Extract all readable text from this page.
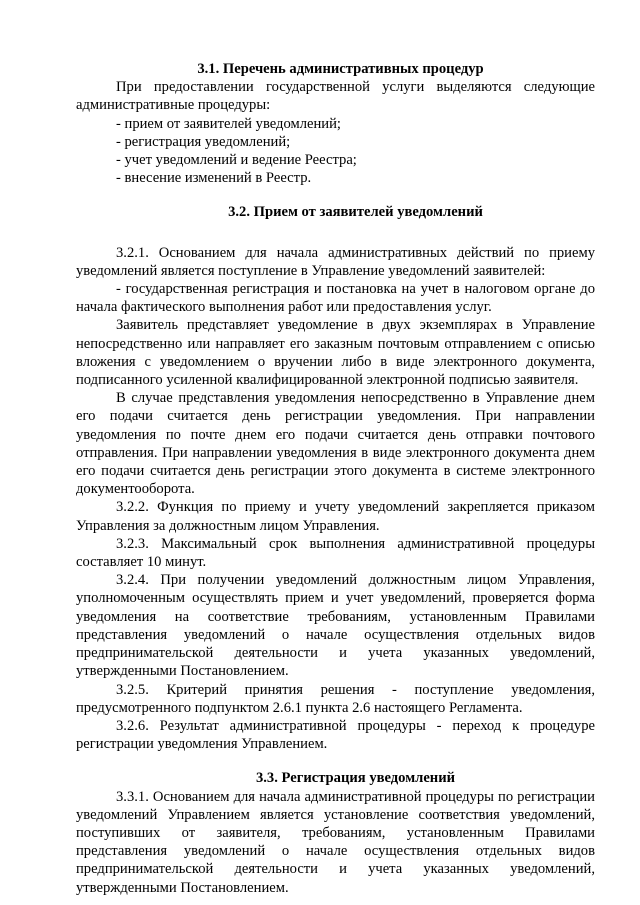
3.1. Перечень административных процедур

При предоставлении государственной услуги выделяются следующие административные процедуры:

- прием от заявителей уведомлений;

- регистрация уведомлений;

- учет уведомлений и ведение Реестра;

- внесение изменений в Реестр.

3.2. Прием от заявителей уведомлений

3.2.1. Основанием для начала административных действий по приему уведомлений является поступление в Управление уведомлений заявителей:

- государственная регистрация и постановка на учет в налоговом органе до начала фактического выполнения работ или предоставления услуг.

Заявитель представляет уведомление в двух экземплярах в Управление непосредственно или направляет его заказным почтовым отправлением с описью вложения с уведомлением о вручении либо в виде электронного документа, подписанного усиленной квалифицированной электронной подписью заявителя.

В случае представления уведомления непосредственно в Управление днем его подачи считается день регистрации уведомления. При направлении уведомления по почте днем его подачи считается день отправки почтового отправления. При направлении уведомления в виде электронного документа днем его подачи считается день регистрации этого документа в системе электронного документооборота.

3.2.2. Функция по приему и учету уведомлений закрепляется приказом Управления за должностным лицом Управления.

3.2.3. Максимальный срок выполнения административной процедуры составляет 10 минут.

3.2.4. При получении уведомлений должностным лицом Управления, уполномоченным осуществлять прием и учет уведомлений, проверяется форма уведомления на соответствие требованиям, установленным Правилами представления уведомлений о начале осуществления отдельных видов предпринимательской деятельности и учета указанных уведомлений, утвержденными Постановлением.

3.2.5. Критерий принятия решения - поступление уведомления, предусмотренного подпунктом 2.6.1 пункта 2.6 настоящего Регламента.

3.2.6. Результат административной процедуры - переход к процедуре регистрации уведомления Управлением.

3.3. Регистрация уведомлений

3.3.1. Основанием для начала административной процедуры по регистрации уведомлений Управлением является установление соответствия уведомлений, поступивших от заявителя, требованиям, установленным Правилами представления уведомлений о начале осуществления отдельных видов предпринимательской деятельности и учета указанных уведомлений, утвержденными Постановлением.
